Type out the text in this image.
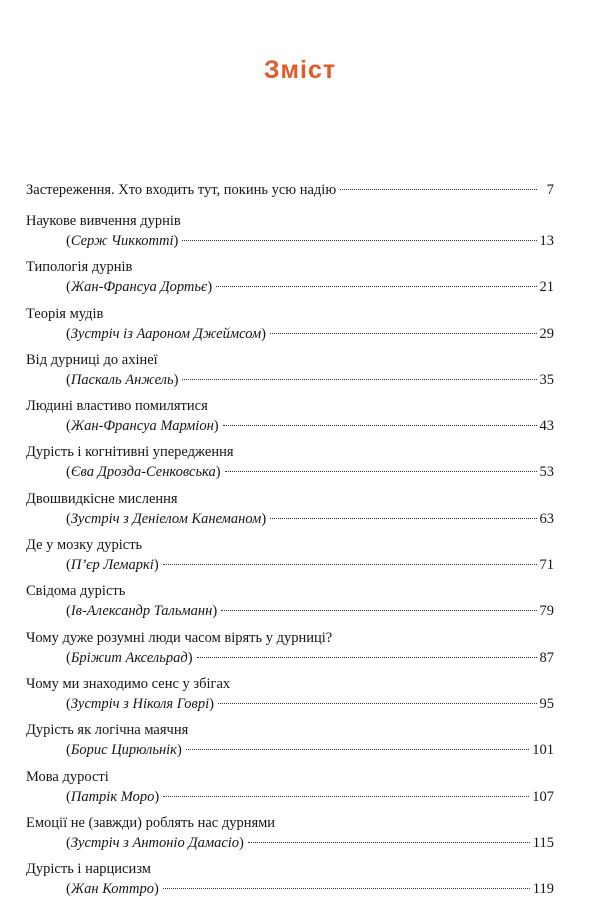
Зміст
Застереження. Хто входить тут, покинь усю надію	7
Наукове вивчення дурнів
(Серж Чиккотті)	13
Типологія дурнів
(Жан-Франсуа Дортьє)	21
Теорія мудів
(Зустріч із Аароном Джеймсом)	29
Від дурниці до ахінеї
(Паскаль Анжель)	35
Людині властиво помилятися
(Жан-Франсуа Марміон)	43
Дурість і когнітивні упередження
(Єва Дрозда-Сенковська)	53
Двошвидкісне мислення
(Зустріч з Деніелом Канеманом)	63
Де у мозку дурість
(П’єр Лемаркі)	71
Свідома дурість
(Ів-Александр Тальманн)	79
Чому дуже розумні люди часом вірять у дурниці?
(Бріжит Аксельрад)	87
Чому ми знаходимо сенс у збігах
(Зустріч з Ніколя Говрі)	95
Дурість як логічна маячня
(Борис Цирюльнік)	101
Мова дурості
(Патрік Моро)	107
Емоції не (завжди) роблять нас дурнями
(Зустріч з Антоніо Дамасіо)	115
Дурість і нарцисизм
(Жан Коттро)	119
